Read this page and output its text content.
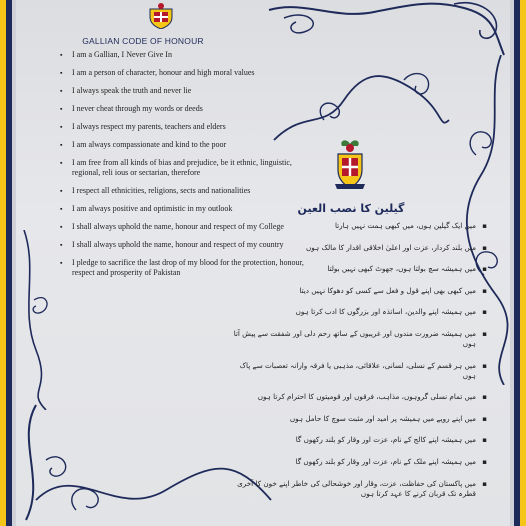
GALLIAN CODE OF HONOUR
▪ I am a Gallian, I Never Give In
▪ I am a person of character, honour and high moral values
▪ I always speak the truth and never lie
▪ I never cheat through my words or deeds
▪ I always respect my parents, teachers and elders
▪ I am always compassionate and kind to the poor
▪ I am free from all kinds of bias and prejudice, be it ethnic, linguistic, regional, reli ious or sectarian, therefore
▪ I respect all ethnicities, religions, sects and nationalities
▪ I am always positive and optimistic in my outlook
▪ I shall always uphold the name, honour and respect of my College
▪ I shall always uphold the name, honour and respect of my country
▪ I pledge to sacrifice the last drop of my blood for the protection, honour, respect and prosperity of Pakistan
گیلین کا نصب العین
▪ میں ایک گیلین ہوں، میں کبھی ہمت نہیں ہارتا
▪ میں بلند کردار، عزت اور اعلیٰ اخلاقی اقدار کا مالک ہوں
▪ میں ہمیشہ سچ بولتا ہوں، جھوٹ کبھی نہیں بولتا
▪ میں کبھی بھی اپنے قول و فعل سے کسی کو دھوکا نہیں دیتا
▪ میں ہمیشہ اپنے والدین، اساتذہ اور بزرگوں کا ادب کرتا ہوں
▪ میں ہمیشہ ضرورت مندوں اور غریبوں کے ساتھ رحم دلی اور شفقت سے پیش آتا ہوں
▪ میں ہر قسم کے نسلی، لسانی، علاقائی، مذہبی یا فرقہ وارانہ تعصبات سے پاک ہوں
▪ میں تمام نسلی گروہوں، مذاہب، فرقوں اور قومیتوں کا احترام کرتا ہوں
▪ میں اپنے رویے میں ہمیشہ پر امید اور مثبت سوچ کا حامل ہوں
▪ میں ہمیشہ اپنے کالج کے نام، عزت اور وقار کو بلند رکھوں گا
▪ میں ہمیشہ اپنے ملک کے نام، عزت اور وقار کو بلند رکھوں گا
▪ میں پاکستان کی حفاظت، عزت، وقار اور خوشحالی کی خاطر اپنے خون کا آخری قطرہ تک قربان کرنے کا عہد کرتا ہوں
